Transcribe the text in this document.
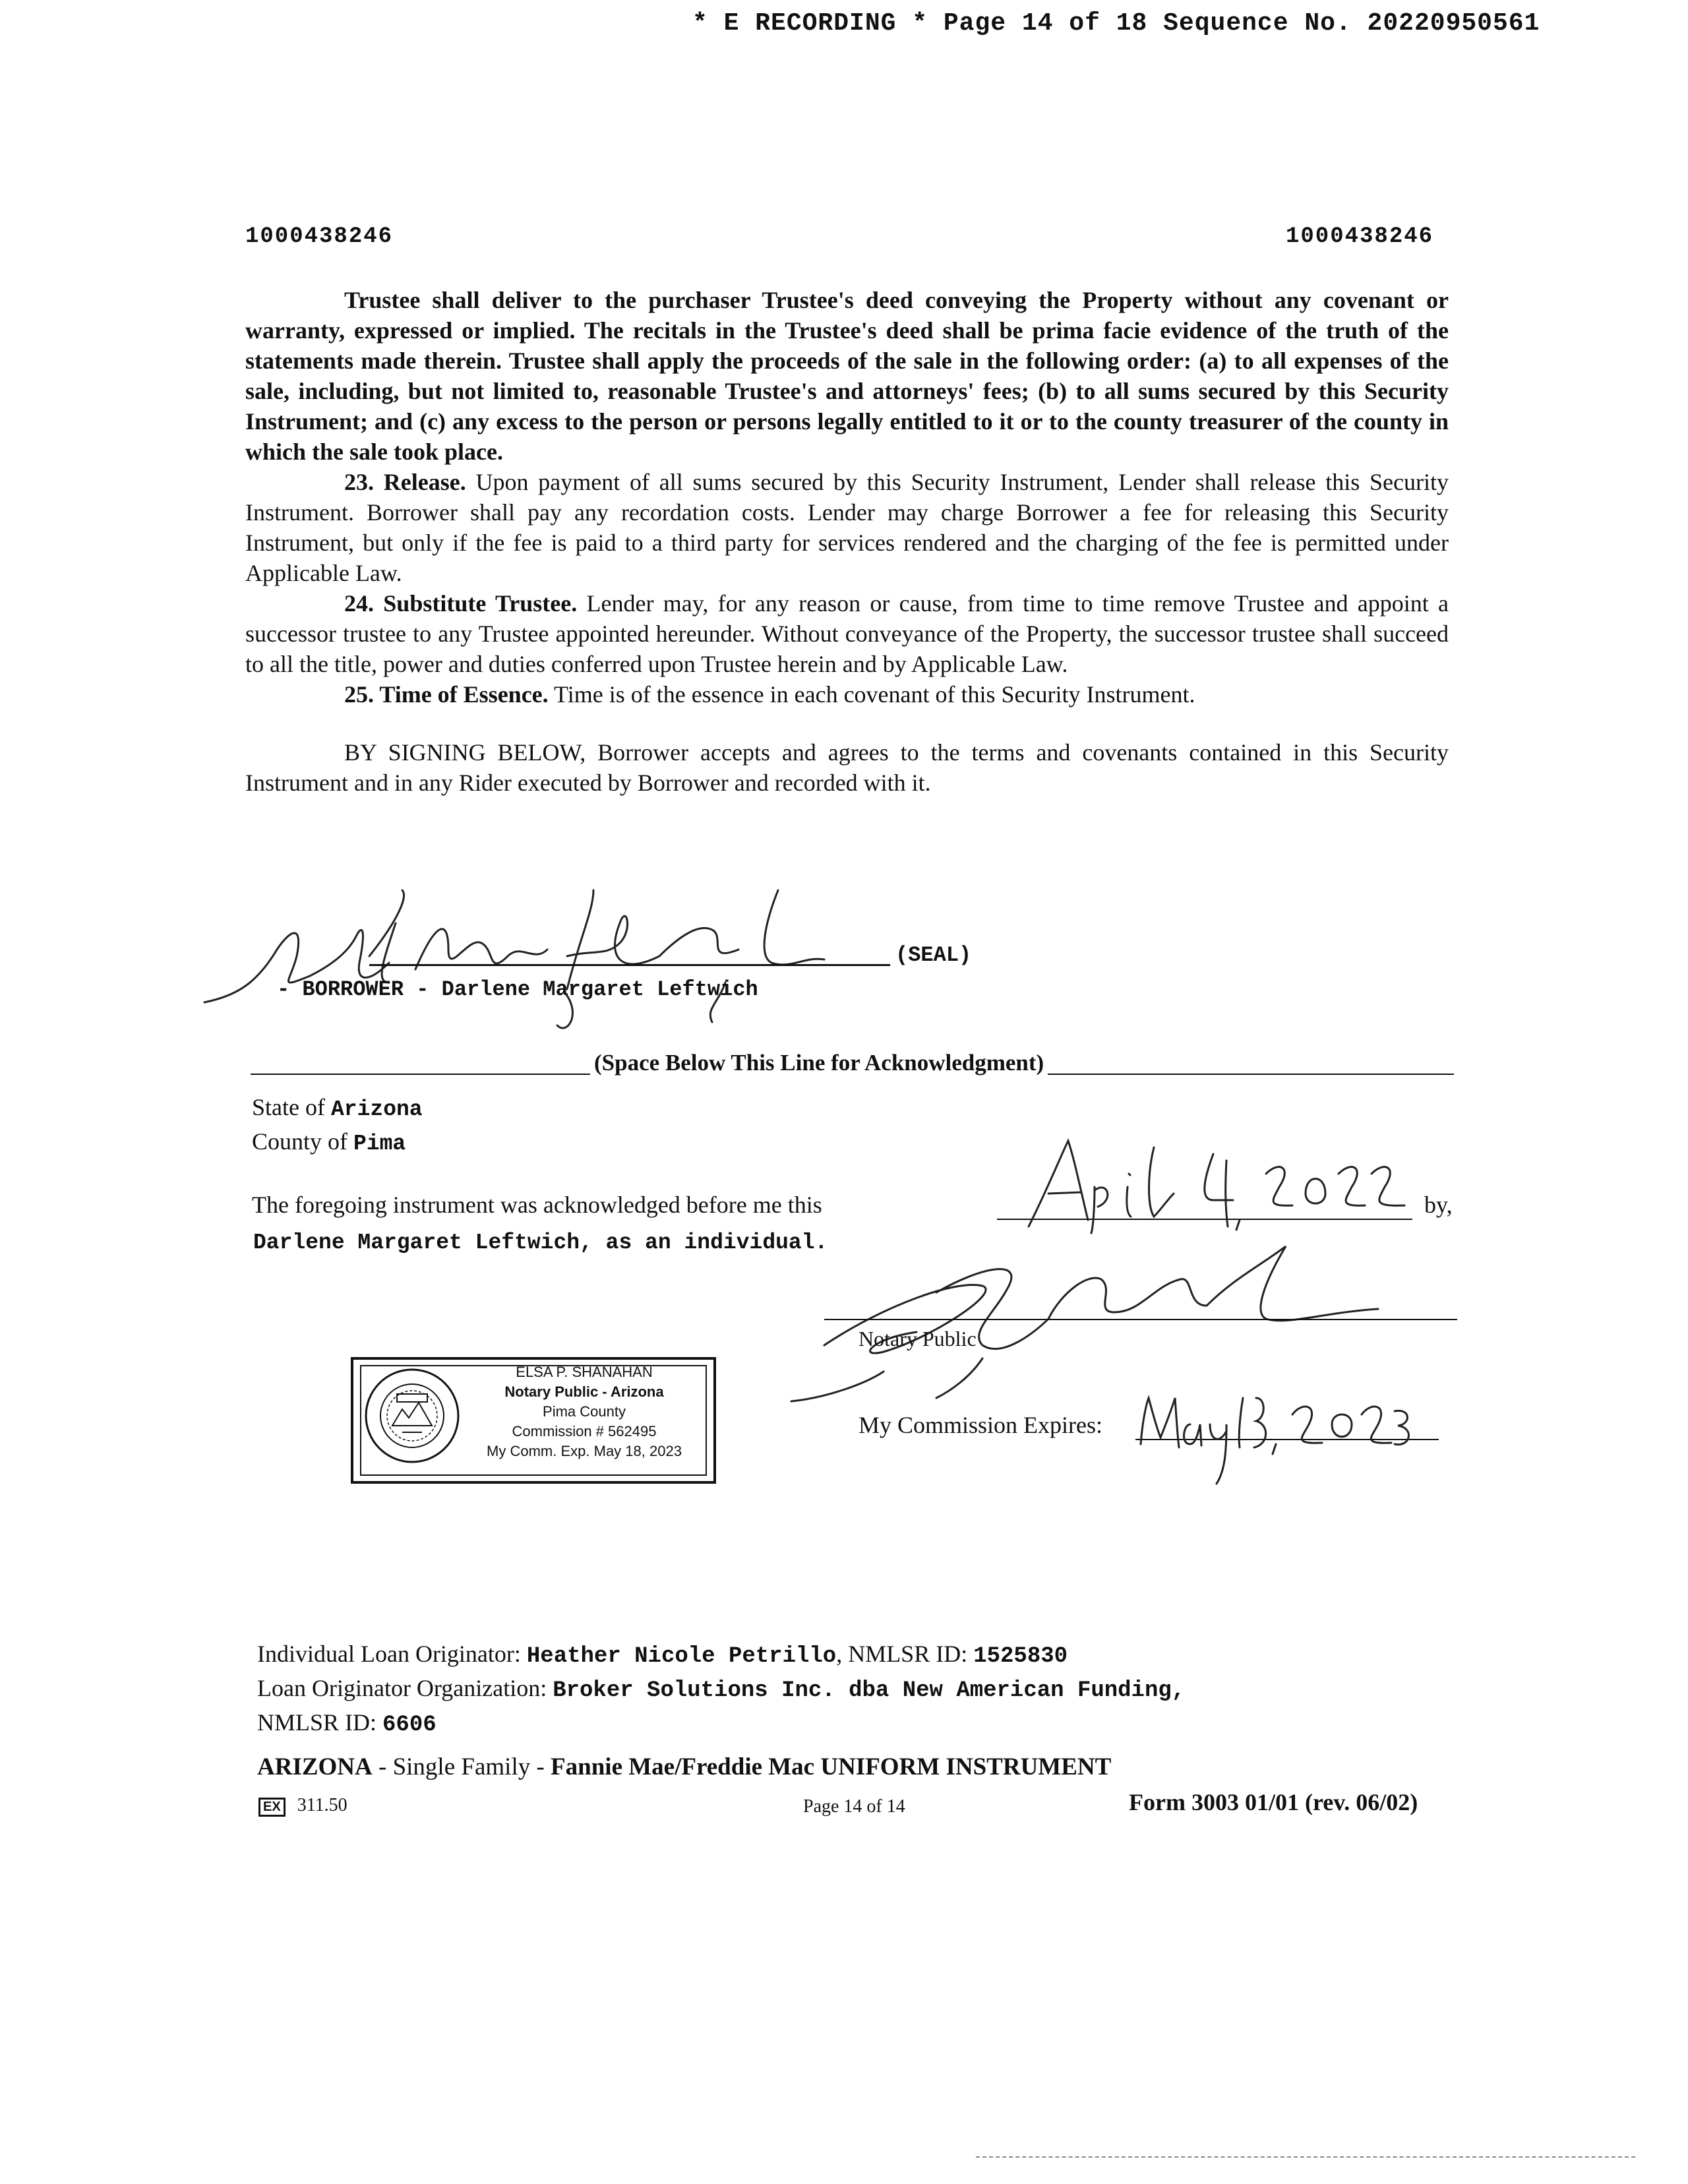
* E RECORDING * Page 14 of 18 Sequence No. 20220950561
1000438246	1000438246

Trustee shall deliver to the purchaser Trustee's deed conveying the Property without any covenant or warranty, expressed or implied. The recitals in the Trustee's deed shall be prima facie evidence of the truth of the statements made therein. Trustee shall apply the proceeds of the sale in the following order: (a) to all expenses of the sale, including, but not limited to, reasonable Trustee's and attorneys' fees; (b) to all sums secured by this Security Instrument; and (c) any excess to the person or persons legally entitled to it or to the county treasurer of the county in which the sale took place.

23. Release. Upon payment of all sums secured by this Security Instrument, Lender shall release this Security Instrument. Borrower shall pay any recordation costs. Lender may charge Borrower a fee for releasing this Security Instrument, but only if the fee is paid to a third party for services rendered and the charging of the fee is permitted under Applicable Law.

24. Substitute Trustee. Lender may, for any reason or cause, from time to time remove Trustee and appoint a successor trustee to any Trustee appointed hereunder. Without conveyance of the Property, the successor trustee shall succeed to all the title, power and duties conferred upon Trustee herein and by Applicable Law.

25. Time of Essence. Time is of the essence in each covenant of this Security Instrument.

BY SIGNING BELOW, Borrower accepts and agrees to the terms and covenants contained in this Security Instrument and in any Rider executed by Borrower and recorded with it.

(SEAL)
- BORROWER - Darlene Margaret Leftwich
(Space Below This Line for Acknowledgment)
State of Arizona
County of Pima
The foregoing instrument was acknowledged before me this	by,
Darlene Margaret Leftwich, as an individual.
Notary Public
ELSA P. SHANAHAN
Notary Public - Arizona
Pima County
Commission # 562495
My Comm. Exp. May 18, 2023
My Commission Expires:
Individual Loan Originator: Heather Nicole Petrillo, NMLSR ID: 1525830
Loan Originator Organization: Broker Solutions Inc. dba New American Funding,
NMLSR ID: 6606
ARIZONA - Single Family - Fannie Mae/Freddie Mac UNIFORM INSTRUMENT
EX 311.50	Page 14 of 14	Form 3003 01/01 (rev. 06/02)
